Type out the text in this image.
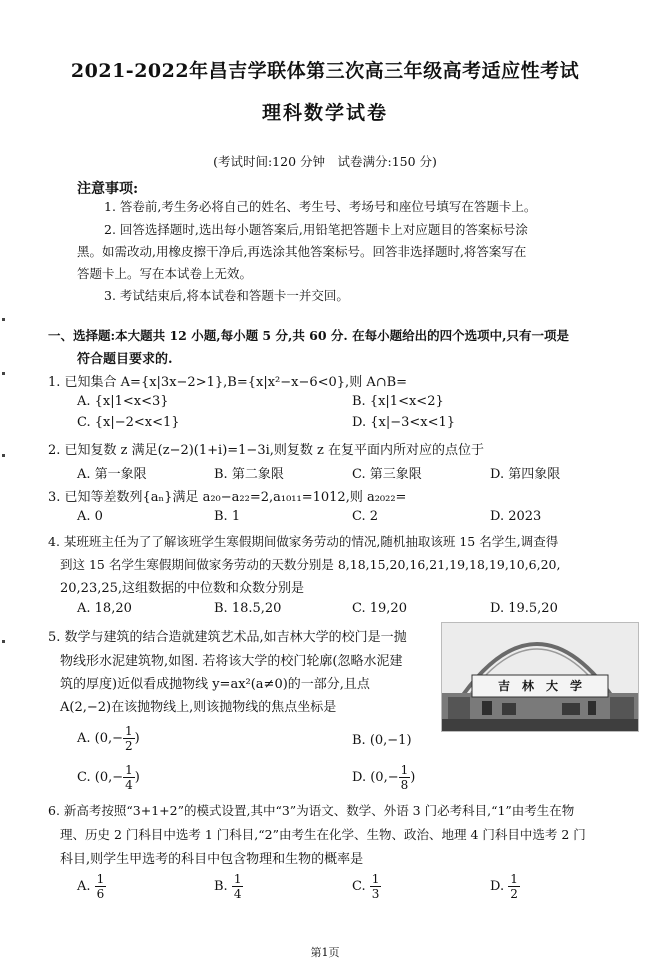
2021-2022年昌吉学联体第三次高三年级高考适应性考试
理科数学试卷
(考试时间:120 分钟　试卷满分:150 分)
注意事项:
1. 答卷前,考生务必将自己的姓名、考生号、考场号和座位号填写在答题卡上。
2. 回答选择题时,选出每小题答案后,用铅笔把答题卡上对应题目的答案标号涂
黑。如需改动,用橡皮擦干净后,再选涂其他答案标号。回答非选择题时,将答案写在
答题卡上。写在本试卷上无效。
3. 考试结束后,将本试卷和答题卡一并交回。
一、选择题:本大题共 12 小题,每小题 5 分,共 60 分. 在每小题给出的四个选项中,只有一项是
符合题目要求的.
1. 已知集合 A={x|3x−2>1},B={x|x²−x−6<0},则 A∩B=
A. {x|1<x<3}	B. {x|1<x<2}
C. {x|−2<x<1}	D. {x|−3<x<1}
2. 已知复数 z 满足(z−2)(1+i)=1−3i,则复数 z 在复平面内所对应的点位于
A. 第一象限	B. 第二象限	C. 第三象限	D. 第四象限
3. 已知等差数列{aₙ}满足 a₂₀−a₂₂=2,a₁₀₁₁=1012,则 a₂₀₂₂=
A. 0	B. 1	C. 2	D. 2023
4. 某班班主任为了了解该班学生寒假期间做家务劳动的情况,随机抽取该班 15 名学生,调查得
到这 15 名学生寒假期间做家务劳动的天数分别是 8,18,15,20,16,21,19,18,19,10,6,20,
20,23,25,这组数据的中位数和众数分别是
A. 18,20	B. 18.5,20	C. 19,20	D. 19.5,20
5. 数学与建筑的结合造就建筑艺术品,如吉林大学的校门是一抛
物线形水泥建筑物,如图. 若将该大学的校门轮廓(忽略水泥建
筑的厚度)近似看成抛物线 y=ax²(a≠0)的一部分,且点
A(2,−2)在该抛物线上,则该抛物线的焦点坐标是
吉　林　大　学
A. ($0,- \frac{1}{2}$ )	B. (0,−1)
C. ($0,- \frac{1}{4}$ )	D. ($0,- \frac{1}{8}$ )
6. 新高考按照“3+1+2”的模式设置,其中“3”为语文、数学、外语 3 门必考科目,“1”由考生在物
理、历史 2 门科目中选考 1 门科目,“2”由考生在化学、生物、政治、地理 4 门科目中选考 2 门
科目,则学生甲选考的科目中包含物理和生物的概率是
A. $\frac{1}{6}$	B. $\frac{1}{4}$	C. $\frac{1}{3}$	D. $\frac{1}{2}$
第1页
